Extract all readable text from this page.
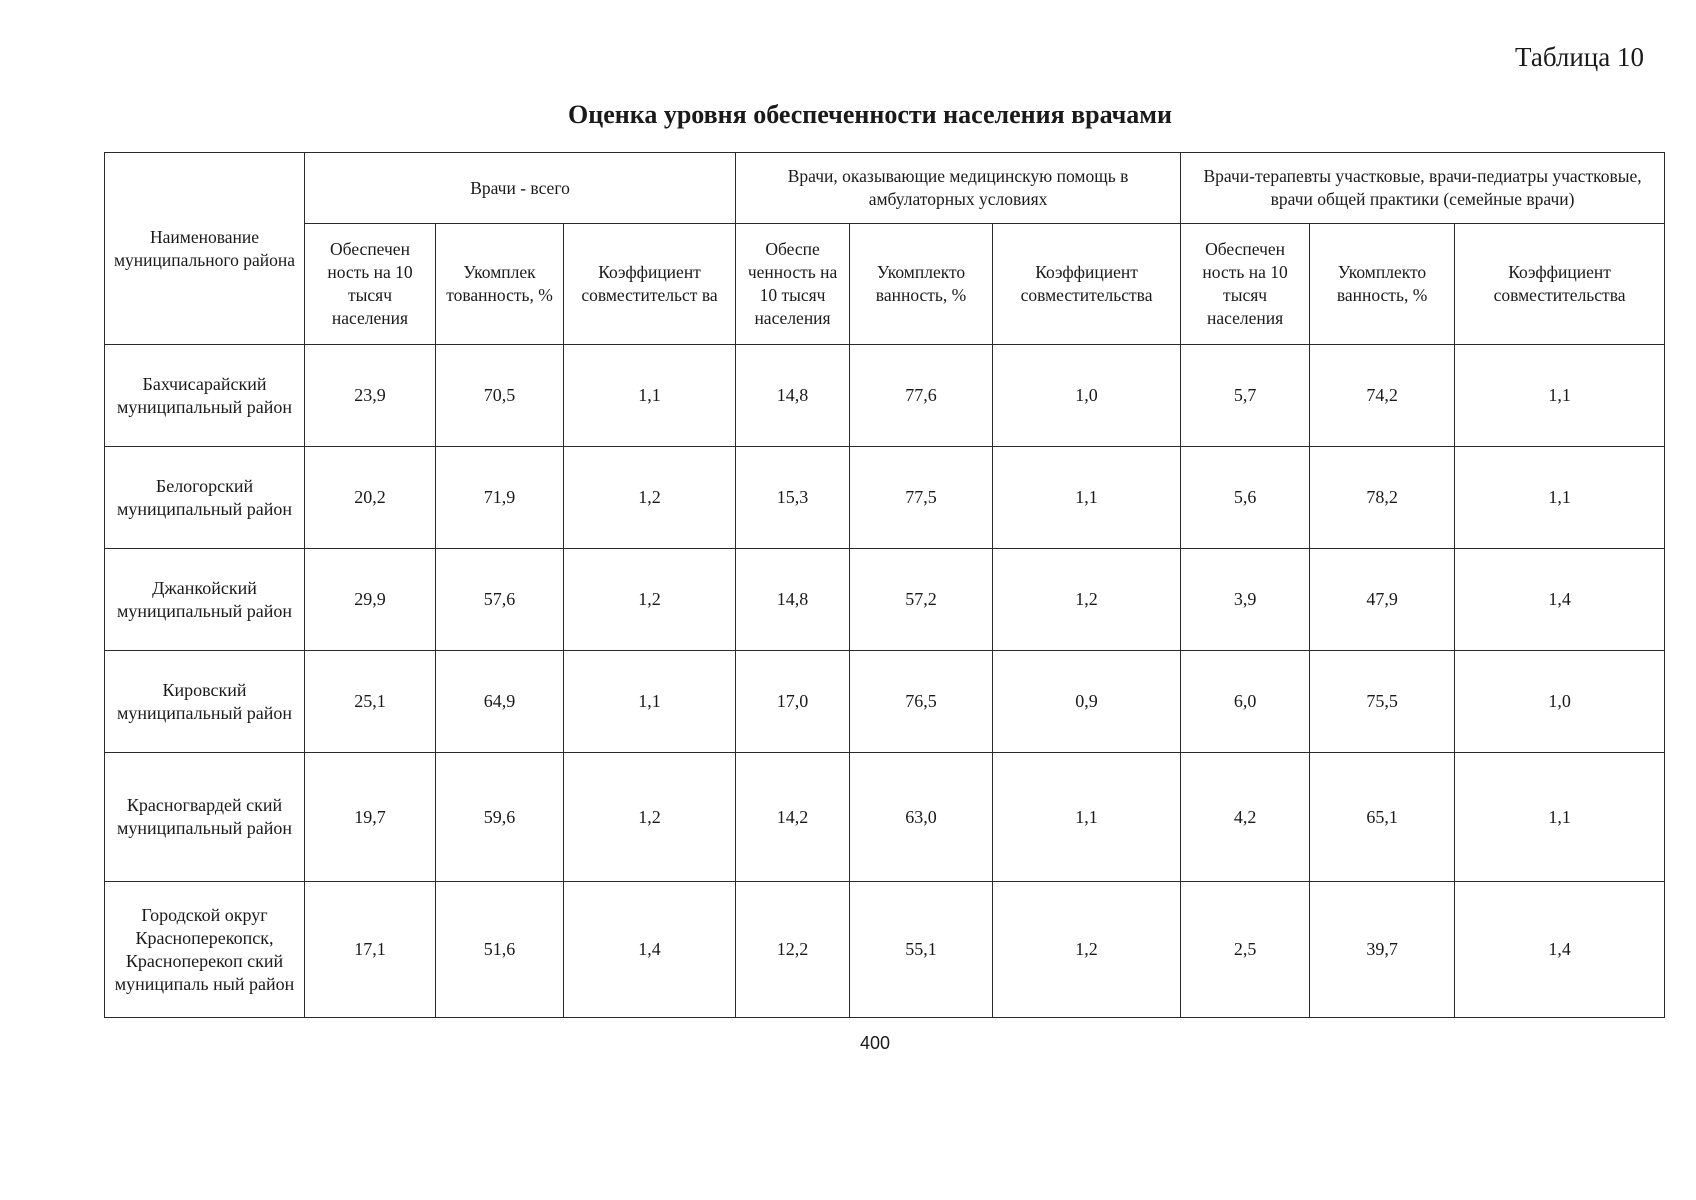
Таблица 10
Оценка уровня обеспеченности населения врачами
Наименование муниципального района	Врачи - всего			Врачи, оказывающие медицинскую помощь в амбулаторных условиях			Врачи-терапевты участковые, врачи-педиатры участковые, врачи общей практики (семейные врачи)		
	Обеспечен ность на 10 тысяч населения	Укомплек тованность, %	Коэффициент совместительст ва	Обеспе ченность на 10 тысяч населения	Укомплекто ванность, %	Коэффициент совместительства	Обеспечен ность на 10 тысяч населения	Укомплекто ванность, %	Коэффициент совместительства
Бахчисарайский муниципальный район	23,9	70,5	1,1	14,8	77,6	1,0	5,7	74,2	1,1
Белогорский муниципальный район	20,2	71,9	1,2	15,3	77,5	1,1	5,6	78,2	1,1
Джанкойский муниципальный район	29,9	57,6	1,2	14,8	57,2	1,2	3,9	47,9	1,4
Кировский муниципальный район	25,1	64,9	1,1	17,0	76,5	0,9	6,0	75,5	1,0
Красногвардей ский муниципальный район	19,7	59,6	1,2	14,2	63,0	1,1	4,2	65,1	1,1
Городской округ Красноперекопск, Красноперекоп ский муниципаль ный район	17,1	51,6	1,4	12,2	55,1	1,2	2,5	39,7	1,4
400
